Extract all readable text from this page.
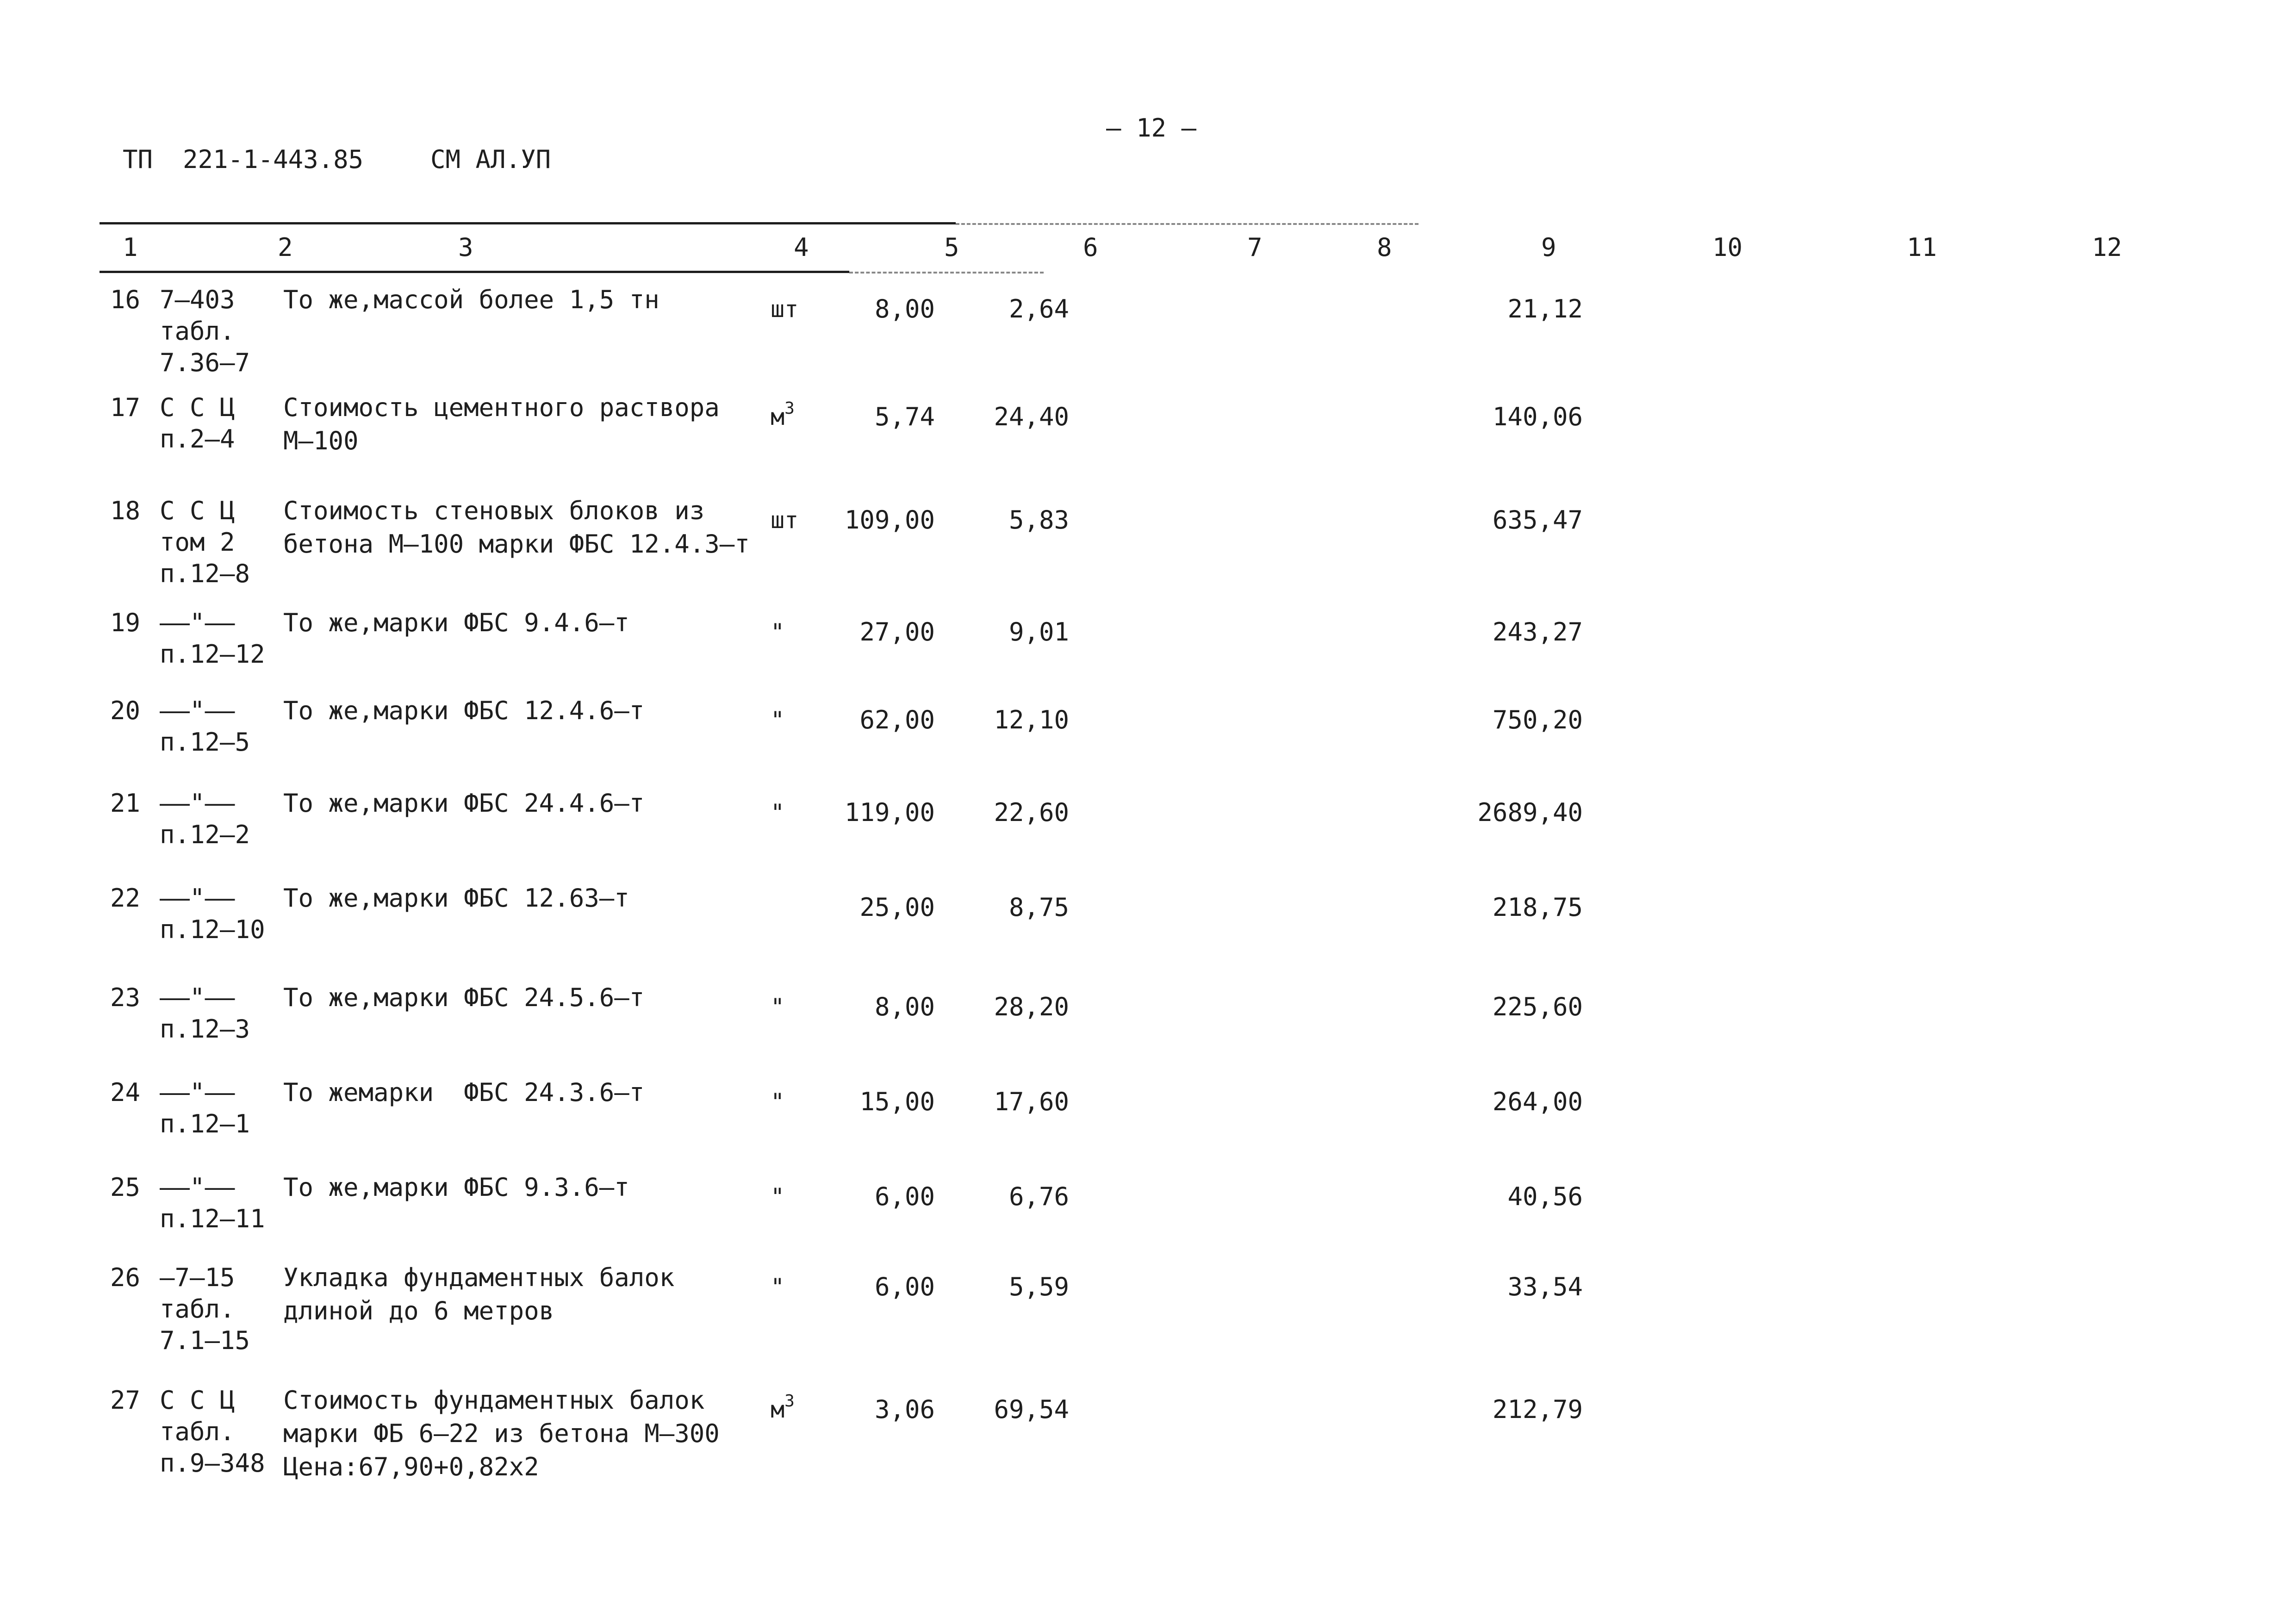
ТП  221-1-443.85	СМ АЛ.УП
– 12 –
1	2	3	4	5	6	7	8	9	10	11	12
16 7–403
табл.
7.36–7
То же,массой более 1,5 тн	шт	8,00	2,64	21,12
17 С С Ц
п.2–4
Стоимость цементного раствора
М–100
$м^3$	5,74 24,40	140,06
18 С С Ц
том 2
п.12–8
Стоимость стеновых блоков из
бетона М–100 марки ФБС 12.4.3–т
шт 109,00	5,83	635,47
19 ––"––
п.12–12
То же,марки ФБС 9.4.6–т	"	27,00	9,01	243,27
20 ––"––
п.12–5
То же,марки ФБС 12.4.6–т	"	62,00 12,10	750,20
21 ––"––
п.12–2
То же,марки ФБС 24.4.6–т	" 119,00 22,60	2689,40
22 ––"––
п.12–10
То же,марки ФБС 12.63–т	25,00	8,75	218,75
23 ––"––
п.12–3
То же,марки ФБС 24.5.6–т	"	8,00 28,20	225,60
24 ––"––
п.12–1
То жемарки  ФБС 24.3.6–т	"	15,00 17,60	264,00
25 ––"––
п.12–11
То же,марки ФБС 9.3.6–т	"	6,00	6,76	40,56
26 –7–15
табл.
7.1–15
Укладка фундаментных балок
длиной до 6 метров
"	6,00	5,59	33,54
27 С С Ц
табл.
п.9–348
Стоимость фундаментных балок
марки ФБ 6–22 из бетона М–300
Цена:67,90+0,82х2
$м^3$	3,06 69,54	212,79
